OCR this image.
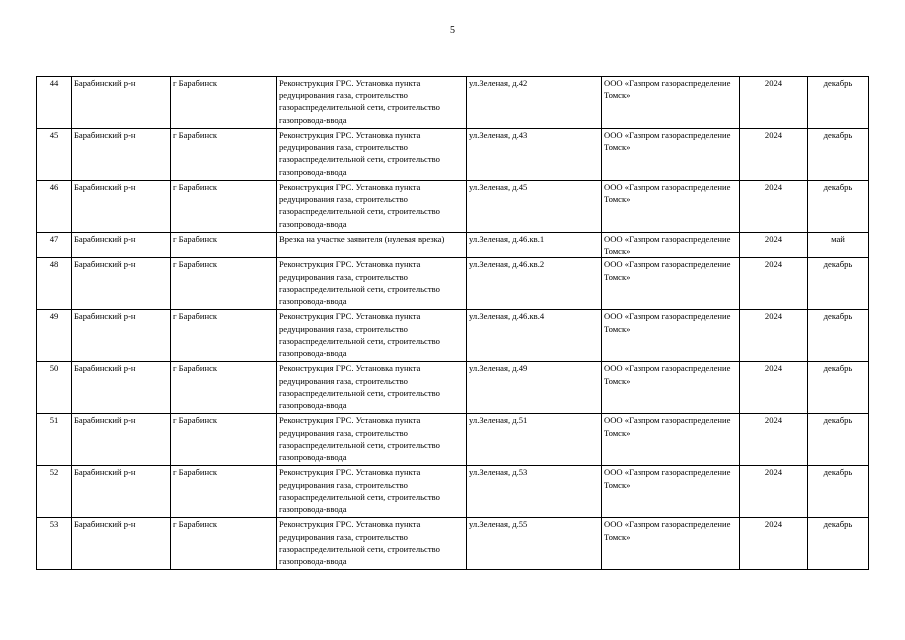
5
44	Барабинский р-н	г Барабинск	Реконструкция ГРС. Установка пункта редуцирования газа, строительство газораспределительной сети, строительство газопровода-ввода	ул.Зеленая, д.42	ООО «Газпром газораспределение Томск»	2024	декабрь
45	Барабинский р-н	г Барабинск	Реконструкция ГРС. Установка пункта редуцирования газа, строительство газораспределительной сети, строительство газопровода-ввода	ул.Зеленая, д.43	ООО «Газпром газораспределение Томск»	2024	декабрь
46	Барабинский р-н	г Барабинск	Реконструкция ГРС. Установка пункта редуцирования газа, строительство газораспределительной сети, строительство газопровода-ввода	ул.Зеленая, д.45	ООО «Газпром газораспределение Томск»	2024	декабрь
47	Барабинский р-н	г Барабинск	Врезка на участке заявителя (нулевая врезка)	ул.Зеленая, д.46.кв.1	ООО «Газпром газораспределение Томск»	2024	май
48	Барабинский р-н	г Барабинск	Реконструкция ГРС. Установка пункта редуцирования газа, строительство газораспределительной сети, строительство газопровода-ввода	ул.Зеленая, д.46.кв.2	ООО «Газпром газораспределение Томск»	2024	декабрь
49	Барабинский р-н	г Барабинск	Реконструкция ГРС. Установка пункта редуцирования газа, строительство газораспределительной сети, строительство газопровода-ввода	ул.Зеленая, д.46.кв.4	ООО «Газпром газораспределение Томск»	2024	декабрь
50	Барабинский р-н	г Барабинск	Реконструкция ГРС. Установка пункта редуцирования газа, строительство газораспределительной сети, строительство газопровода-ввода	ул.Зеленая, д.49	ООО «Газпром газораспределение Томск»	2024	декабрь
51	Барабинский р-н	г Барабинск	Реконструкция ГРС. Установка пункта редуцирования газа, строительство газораспределительной сети, строительство газопровода-ввода	ул.Зеленая, д.51	ООО «Газпром газораспределение Томск»	2024	декабрь
52	Барабинский р-н	г Барабинск	Реконструкция ГРС. Установка пункта редуцирования газа, строительство газораспределительной сети, строительство газопровода-ввода	ул.Зеленая, д.53	ООО «Газпром газораспределение Томск»	2024	декабрь
53	Барабинский р-н	г Барабинск	Реконструкция ГРС. Установка пункта редуцирования газа, строительство газораспределительной сети, строительство газопровода-ввода	ул.Зеленая, д.55	ООО «Газпром газораспределение Томск»	2024	декабрь
